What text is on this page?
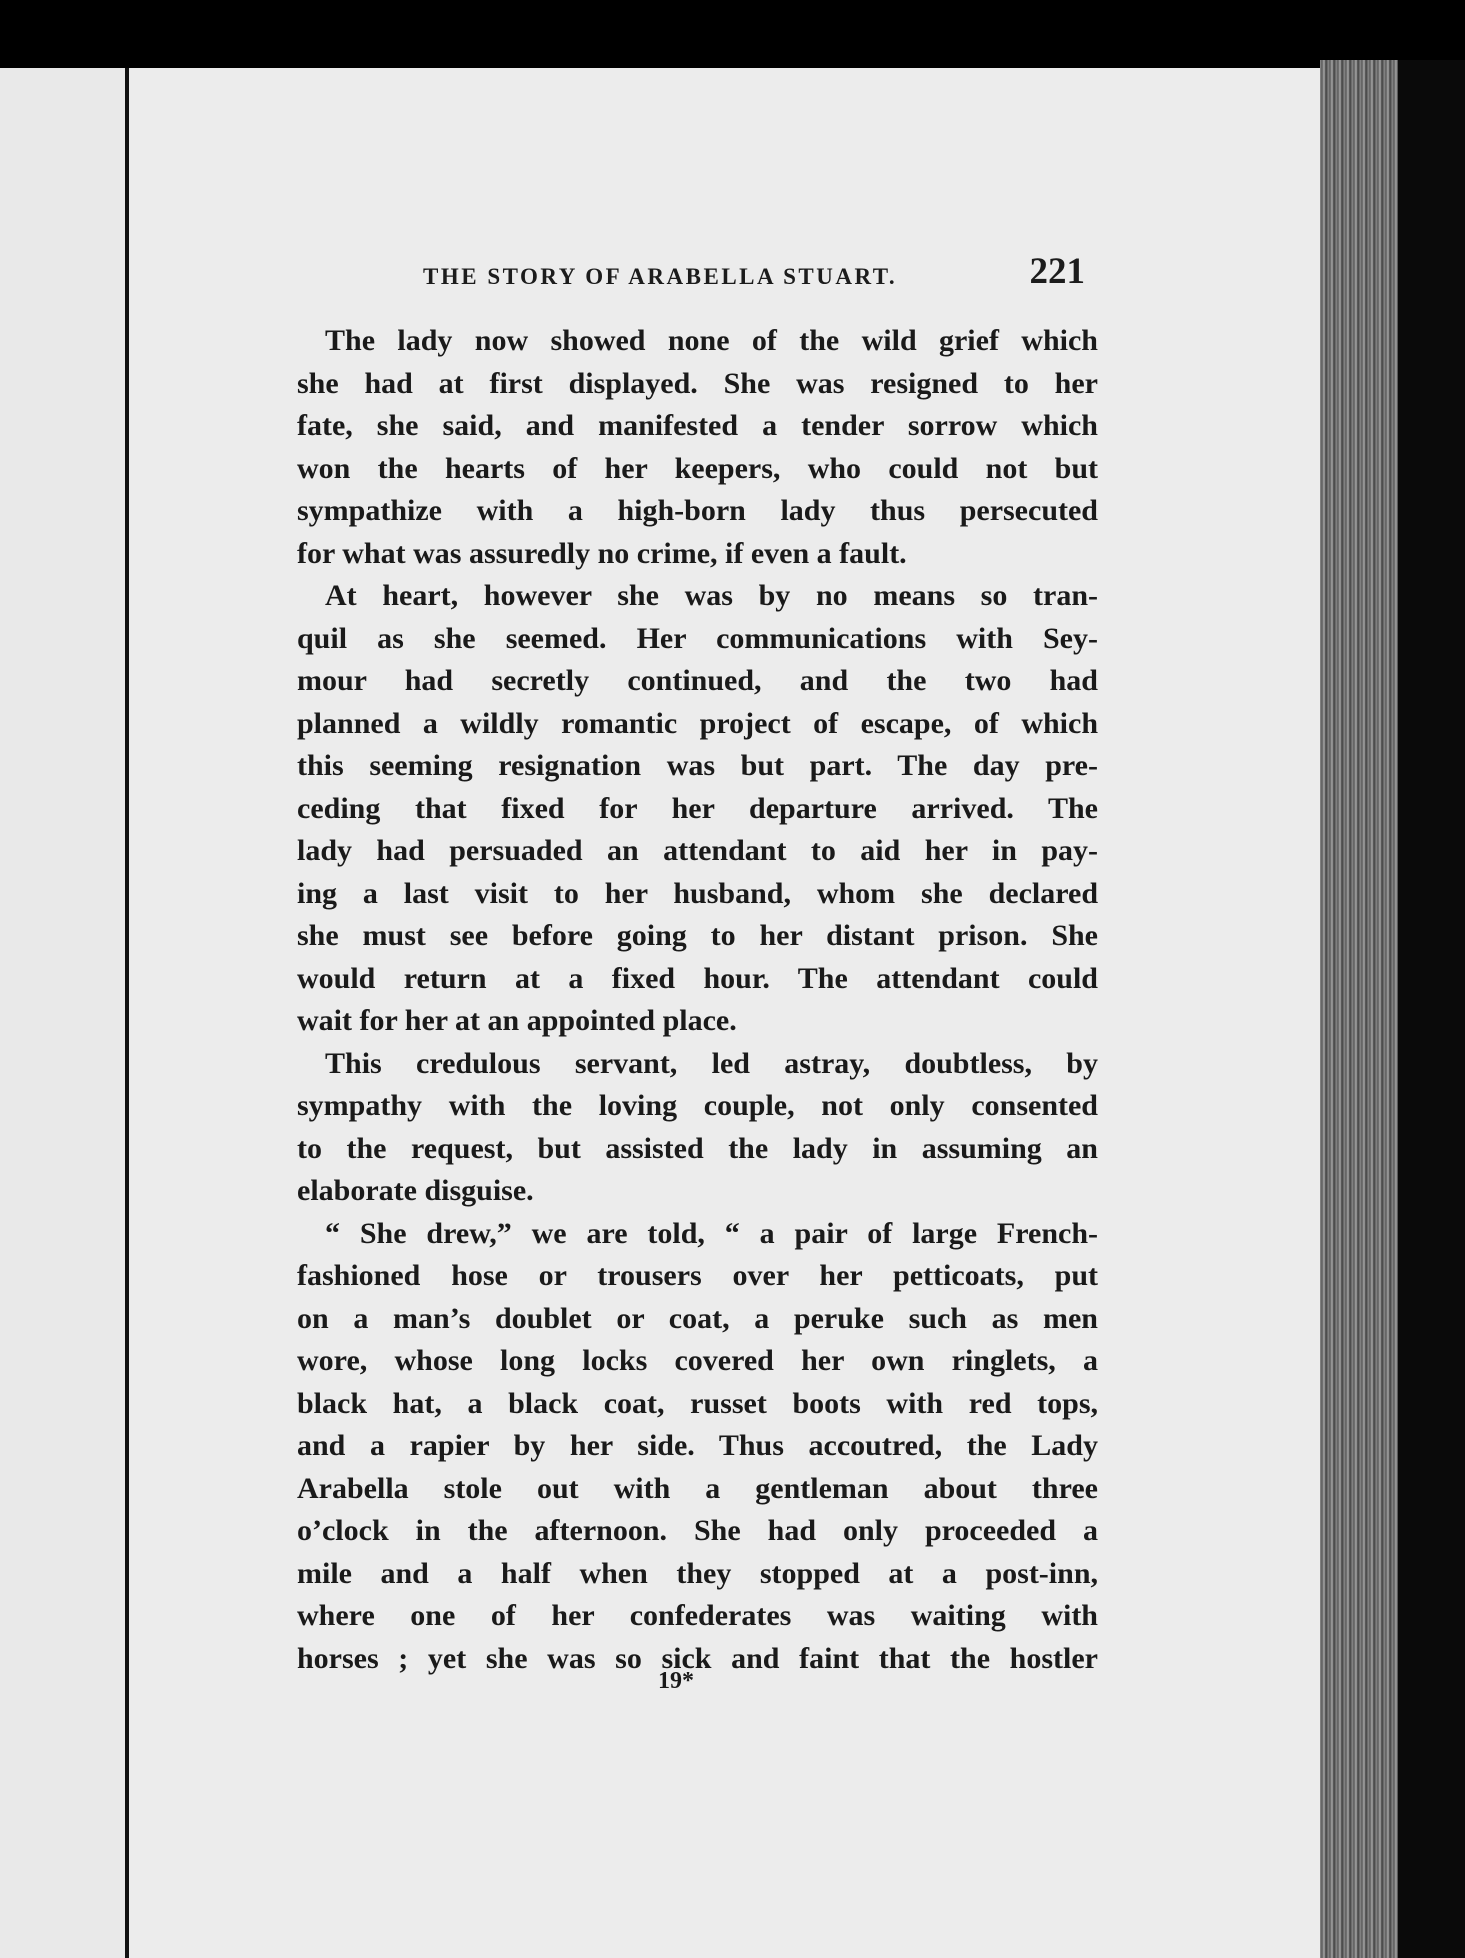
THE STORY OF ARABELLA STUART.	221
The lady now showed none of the wild grief which
she had at first displayed. She was resigned to her
fate, she said, and manifested a tender sorrow which
won the hearts of her keepers, who could not but
sympathize with a high-born lady thus persecuted
for what was assuredly no crime, if even a fault.
At heart, however she was by no means so tran-
quil as she seemed. Her communications with Sey-
mour had secretly continued, and the two had
planned a wildly romantic project of escape, of which
this seeming resignation was but part. The day pre-
ceding that fixed for her departure arrived. The
lady had persuaded an attendant to aid her in pay-
ing a last visit to her husband, whom she declared
she must see before going to her distant prison. She
would return at a fixed hour. The attendant could
wait for her at an appointed place.
This credulous servant, led astray, doubtless, by
sympathy with the loving couple, not only consented
to the request, but assisted the lady in assuming an
elaborate disguise.
“ She drew,” we are told, “ a pair of large French-
fashioned hose or trousers over her petticoats, put
on a man’s doublet or coat, a peruke such as men
wore, whose long locks covered her own ringlets, a
black hat, a black coat, russet boots with red tops,
and a rapier by her side. Thus accoutred, the Lady
Arabella stole out with a gentleman about three
o’clock in the afternoon. She had only proceeded a
mile and a half when they stopped at a post-inn,
where one of her confederates was waiting with
horses ; yet she was so sick and faint that the hostler
19*
